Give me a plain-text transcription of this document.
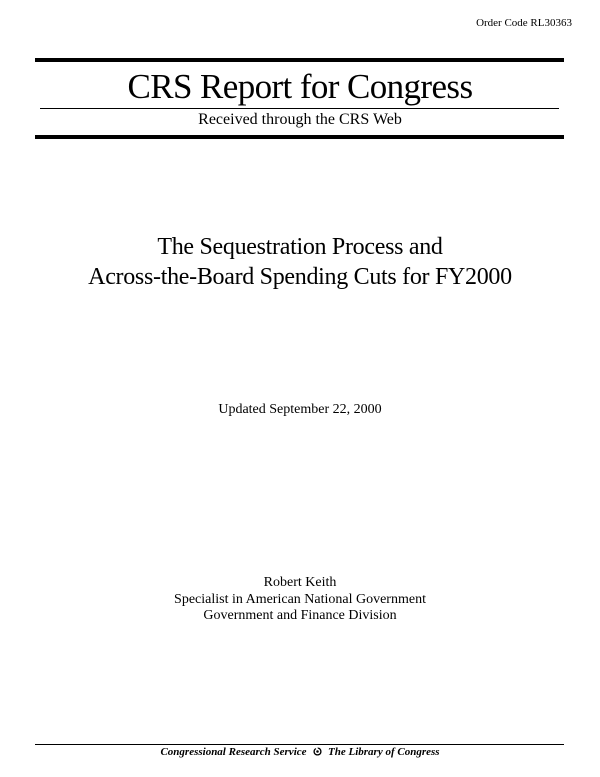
Order Code RL30363
CRS Report for Congress
Received through the CRS Web
The Sequestration Process and
Across-the-Board Spending Cuts for FY2000
Updated September 22, 2000
Robert Keith
Specialist in American National Government
Government and Finance Division
Congressional Research Service The Library of Congress
